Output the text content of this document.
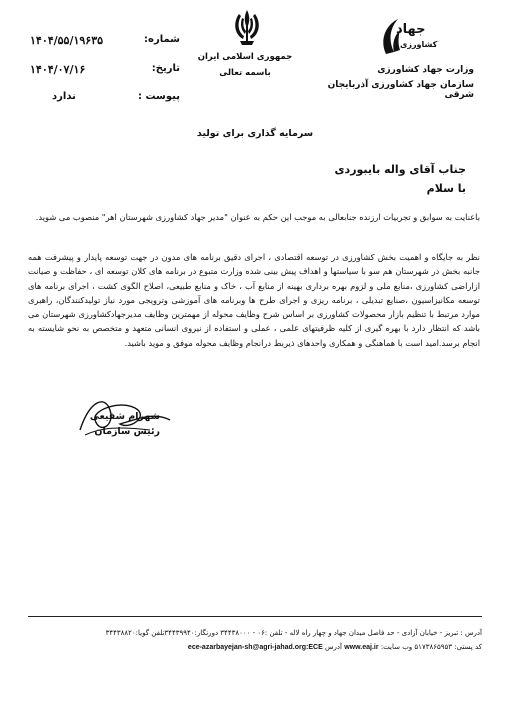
شماره:
۱۴۰۴/۵۵/۱۹۶۳۵
تاریخ:
۱۴۰۴/۰۷/۱۶
پیوست :
ندارد
جمهوری اسلامی ایران
باسمه تعالی
جهاد
کشاورزی
وزارت جهاد کشاورزی
سازمان جهاد کشاورزی آذربایجان شرقی
سرمایه گذاری برای تولید
جناب آقای واله بایبوردی
با سلام
باعنایت به سوابق و تجربیات ارزنده جنابعالی به موجب این حکم به عنوان "مدیر جهاد کشاورزی شهرستان اهر" منصوب می شوید.
نظر به جایگاه و اهمیت بخش کشاورزی در توسعه اقتصادی ، اجرای دقیق برنامه های مدون در جهت توسعه پایدار و پیشرفت همه جانبه بخش در شهرستان هم سو با سیاستها و اهداف پیش بینی شده وزارت متبوع در برنامه های کلان توسعه ای ، حفاظت و صیانت ازاراضی کشاورزی ،منابع ملی و لزوم بهره برداری بهینه از منابع آب ، خاک و منابع طبیعی، اصلاح الگوی کشت ، اجرای برنامه های توسعه مکانیزاسیون ،صنایع تبدیلی ، برنامه ریزی و اجرای طرح ها وبرنامه های آموزشی وترویجی مورد نیاز تولیدکنندگان، راهبری موارد مرتبط با تنظیم بازار محصولات کشاورزی بر اساس شرح وظایف محوله از مهمترین وظایف مدیرجهادکشاورزی شهرستان می باشد که انتظار دارد با بهره گیری از کلیه ظرفیتهای علمی ، عملی و استفاده از نیروی انسانی متعهد و متخصص به نحو شایسته به انجام برسد.امید است با هماهنگی و همکاری واحدهای ذیربط درانجام وظایف محوله موفق و موید باشید.
شهرام شفیعی
رئیس سازمان
آدرس : تبریز - خیابان آزادی - حد فاصل میدان جهاد و چهار راه لاله - تلفن :۰۶ - ۳۴۴۳۸۰۰۰ دورنگار:۳۴۴۳۹۹۴۰تلفن گویا:۳۴۴۳۸۸۲۰
کد پستی: ۵۱۷۳۸۶۵۹۵۳ وب سایت: www.eaj.ir آدرس ece-azarbayejan-sh@agri-jahad.org:ECE
